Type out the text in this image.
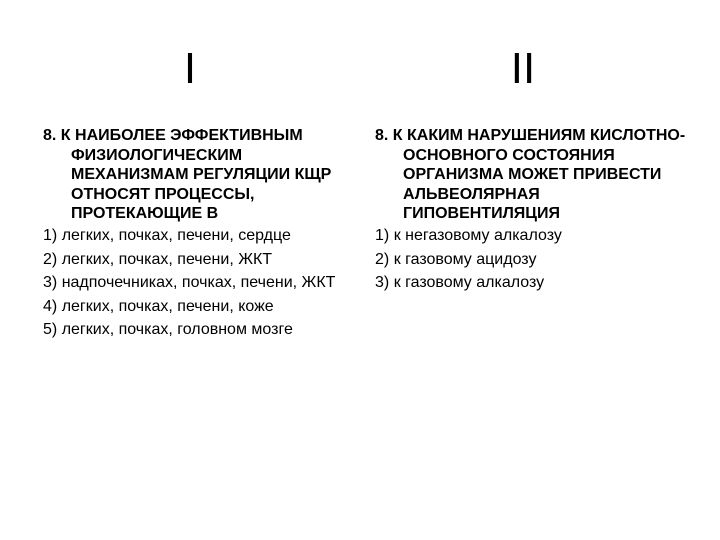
I	II
8. К НАИБОЛЕЕ ЭФФЕКТИВНЫМ ФИЗИОЛОГИЧЕСКИМ МЕХАНИЗМАМ РЕГУЛЯЦИИ КЩР ОТНОСЯТ ПРОЦЕССЫ, ПРОТЕКАЮЩИЕ В
1) легких, почках, печени, сердце
2) легких, почках, печени, ЖКТ
3) надпочечниках, почках, печени, ЖКТ
4) легких, почках, печени, коже
5) легких, почках, головном мозге
8. К КАКИМ НАРУШЕНИЯМ КИСЛОТНО-ОСНОВНОГО СОСТОЯНИЯ ОРГАНИЗМА МОЖЕТ ПРИВЕСТИ АЛЬВЕОЛЯРНАЯ ГИПОВЕНТИЛЯЦИЯ
1) к негазовому алкалозу
2) к газовому ацидозу
3) к газовому алкалозу
